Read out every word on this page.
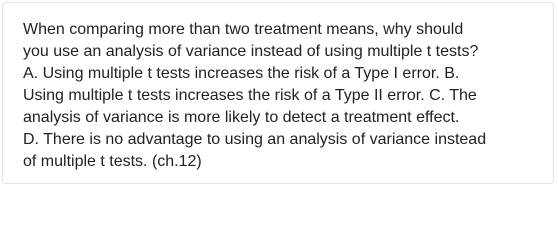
When comparing more than two treatment means, why should
you use an analysis of variance instead of using multiple t tests?
A. Using multiple t tests increases the risk of a Type I error. B.
Using multiple t tests increases the risk of a Type II error. C. The
analysis of variance is more likely to detect a treatment effect.
D. There is no advantage to using an analysis of variance instead
of multiple t tests. (ch.12)
